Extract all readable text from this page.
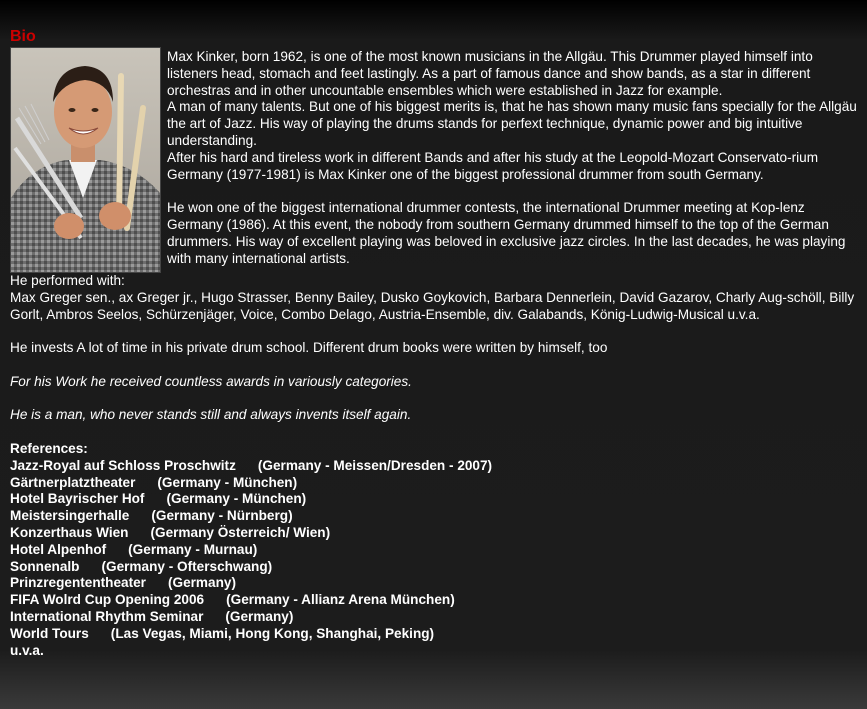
Bio

Max Kinker, born 1962, is one of the most known musicians in the Allgäu. This Drummer played himself into listeners head, stomach and feet lastingly. As a part of famous dance and show bands, as a star in different orchestras and in other uncountable ensembles which were established in Jazz for example.

A man of many talents. But one of his biggest merits is, that he has shown many music fans specially for the Allgäu the art of Jazz. His way of playing the drums stands for perfext technique, dynamic power and big intuitive understanding.

After his hard and tireless work in different Bands and after his study at the Leopold-Mozart Conservato-rium Germany (1977-1981) is Max Kinker one of the biggest professional drummer from south Germany.

He won one of the biggest international drummer contests, the international Drummer meeting at Kop-lenz Germany (1986). At this event, the nobody from southern Germany drummed himself to the top of the German drummers. His way of excellent playing was beloved in exclusive jazz circles. In the last decades, he was playing with many international artists.

He performed with:

Max Greger sen., ax Greger jr., Hugo Strasser, Benny Bailey, Dusko Goykovich, Barbara Dennerlein, David Gazarov, Charly Aug-schöll, Billy Gorlt, Ambros Seelos, Schürzenjäger, Voice, Combo Delago, Austria-Ensemble, div. Galabands, König-Ludwig-Musical u.v.a.

He invests A lot of time in his private drum school. Different drum books were written by himself, too

For his Work he received countless awards in variously categories.

He is a man, who never stands still and always invents itself again.

References:

Jazz-Royal auf Schloss Proschwitz (Germany - Meissen/Dresden - 2007)
Gärtnerplatztheater (Germany - München)
Hotel Bayrischer Hof (Germany - München)
Meistersingerhalle (Germany - Nürnberg)
Konzerthaus Wien (Germany Österreich/ Wien)
Hotel Alpenhof (Germany - Murnau)
Sonnenalb (Germany - Ofterschwang)
Prinzregententheater (Germany)
FIFA Wolrd Cup Opening 2006 (Germany - Allianz Arena München)
International Rhythm Seminar (Germany)
World Tours (Las Vegas, Miami, Hong Kong, Shanghai, Peking)

u.v.a.
